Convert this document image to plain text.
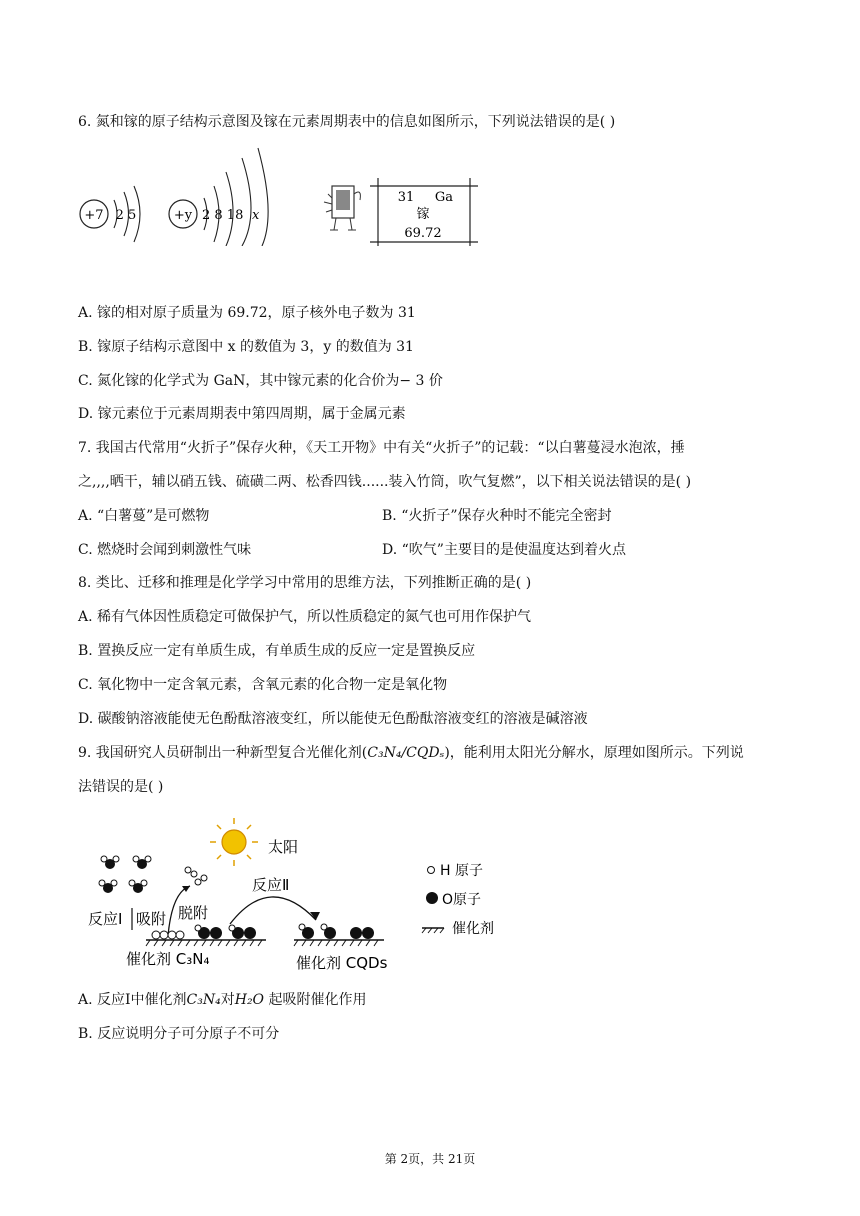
6. 氮和镓的原子结构示意图及镓在元素周期表中的信息如图所示，下列说法错误的是( )
+7 2 5	+y 2 8 18 x
31 Ga
镓
69.72
A. 镓的相对原子质量为 69.72，原子核外电子数为 31
B. 镓原子结构示意图中 x 的数值为 3，y 的数值为 31
C. 氮化镓的化学式为 GaN，其中镓元素的化合价为− 3 价
D. 镓元素位于元素周期表中第四周期，属于金属元素
7. 我国古代常用“火折子”保存火种，《天工开物》中有关“火折子”的记载：“以白薯蔓浸水泡浓，捶
之,,,,晒干，辅以硝五钱、硫磺二两、松香四钱......装入竹筒，吹气复燃”，以下相关说法错误的是( )
A. “白薯蔓”是可燃物	B. “火折子”保存火种时不能完全密封
C. 燃烧时会闻到刺激性气味	D. “吹气”主要目的是使温度达到着火点
8. 类比、迁移和推理是化学学习中常用的思维方法，下列推断正确的是( )
A. 稀有气体因性质稳定可做保护气，所以性质稳定的氮气也可用作保护气
B. 置换反应一定有单质生成，有单质生成的反应一定是置换反应
C. 氧化物中一定含氧元素，含氧元素的化合物一定是氧化物
D. 碳酸钠溶液能使无色酚酞溶液变红，所以能使无色酚酞溶液变红的溶液是碱溶液
9. 我国研究人员研制出一种新型复合光催化剂(C₃N₄/CQDₛ)，能利用太阳光分解水，原理如图所示。下列说
法错误的是( )
太阳
反应Ⅰ 吸附 脱附
催化剂 C₃N₄
反应Ⅱ
催化剂 CQDs
H 原子
O原子
催化剂
A. 反应Ⅰ中催化剂C₃N₄对H₂O 起吸附催化作用
B. 反应说明分子可分原子不可分
第 2页，共 21页
